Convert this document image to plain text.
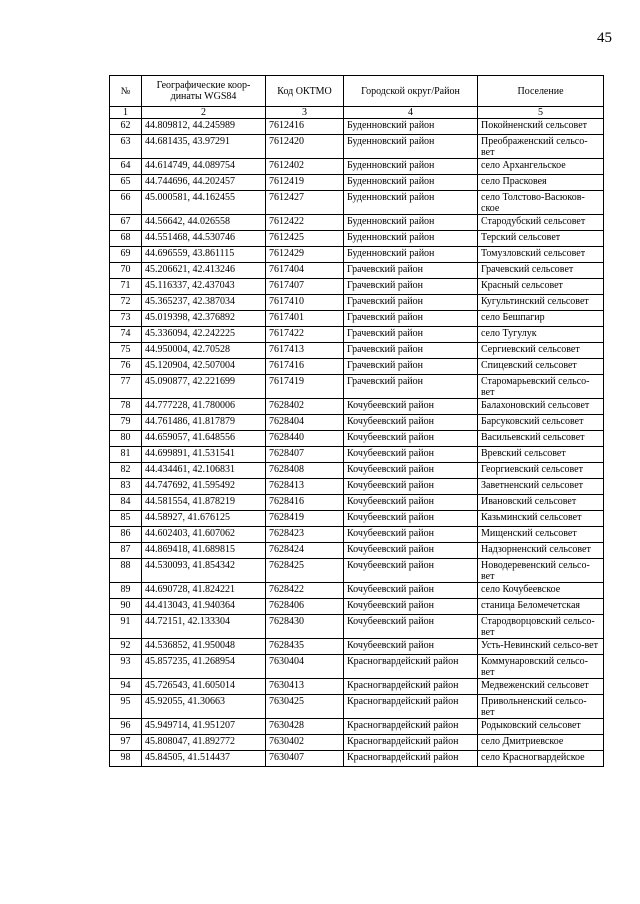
45
№	Географические коор-динаты WGS84	Код ОКТМО	Городской округ/Район	Поселение
1	2	3	4	5
62	44.809812, 44.245989	7612416	Буденновский район	Покойненский сельсовет
63	44.681435, 43.97291	7612420	Буденновский район	Преображенский сельсо-вет
64	44.614749, 44.089754	7612402	Буденновский район	село Архангельское
65	44.744696, 44.202457	7612419	Буденновский район	село Прасковея
66	45.000581, 44.162455	7612427	Буденновский район	село Толстово-Васюков-ское
67	44.56642, 44.026558	7612422	Буденновский район	Стародубский сельсовет
68	44.551468, 44.530746	7612425	Буденновский район	Терский сельсовет
69	44.696559, 43.861115	7612429	Буденновский район	Томузловский сельсовет
70	45.206621, 42.413246	7617404	Грачевский район	Грачевский сельсовет
71	45.116337, 42.437043	7617407	Грачевский район	Красный сельсовет
72	45.365237, 42.387034	7617410	Грачевский район	Кугультинский сельсовет
73	45.019398, 42.376892	7617401	Грачевский район	село Бешпагир
74	45.336094, 42.242225	7617422	Грачевский район	село Тугулук
75	44.950004, 42.70528	7617413	Грачевский район	Сергиевский сельсовет
76	45.120904, 42.507004	7617416	Грачевский район	Спицевский сельсовет
77	45.090877, 42.221699	7617419	Грачевский район	Старомарьевский сельсо-вет
78	44.777228, 41.780006	7628402	Кочубеевский район	Балахоновский сельсовет
79	44.761486, 41.817879	7628404	Кочубеевский район	Барсуковский сельсовет
80	44.659057, 41.648556	7628440	Кочубеевский район	Васильевский сельсовет
81	44.699891, 41.531541	7628407	Кочубеевский район	Вревский сельсовет
82	44.434461, 42.106831	7628408	Кочубеевский район	Георгиевский сельсовет
83	44.747692, 41.595492	7628413	Кочубеевский район	Заветненский сельсовет
84	44.581554, 41.878219	7628416	Кочубеевский район	Ивановский сельсовет
85	44.58927, 41.676125	7628419	Кочубеевский район	Казьминский сельсовет
86	44.602403, 41.607062	7628423	Кочубеевский район	Мищенский сельсовет
87	44.869418, 41.689815	7628424	Кочубеевский район	Надзорненский сельсовет
88	44.530093, 41.854342	7628425	Кочубеевский район	Новодеревенский сельсо-вет
89	44.690728, 41.824221	7628422	Кочубеевский район	село Кочубеевское
90	44.413043, 41.940364	7628406	Кочубеевский район	станица Беломечетская
91	44.72151, 42.133304	7628430	Кочубеевский район	Стародворцовский сельсо-вет
92	44.536852, 41.950048	7628435	Кочубеевский район	Усть-Невинский сельсо-вет
93	45.857235, 41.268954	7630404	Красногвардейский район	Коммунаровский сельсо-вет
94	45.726543, 41.605014	7630413	Красногвардейский район	Медвеженский сельсовет
95	45.92055, 41.30663	7630425	Красногвардейский район	Привольненский сельсо-вет
96	45.949714, 41.951207	7630428	Красногвардейский район	Родыковский сельсовет
97	45.808047, 41.892772	7630402	Красногвардейский район	село Дмитриевское
98	45.84505, 41.514437	7630407	Красногвардейский район	село Красногвардейское
